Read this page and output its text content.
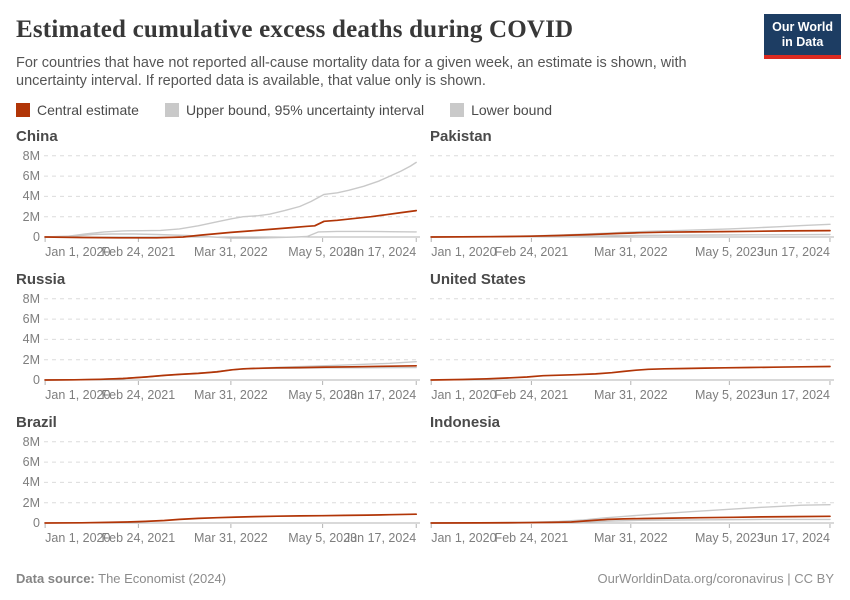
Estimated cumulative excess deaths during COVID	Our World
in Data
For countries that have not reported all-cause mortality data for a given week, an estimate is shown, with uncertainty interval. If reported data is available, that value only is shown.
Central estimate	Upper bound, 95% uncertainty interval	Lower bound
China
8M
6M
4M
2M
0
Jan 1, 2020
Feb 24, 2021 Mar 31, 2022 May 5, 2023
Jun 17, 2024
Pakistan
Jan 1, 2020
Feb 24, 2021 Mar 31, 2022 May 5, 2023
Jun 17, 2024
Russia
8M
6M
4M
2M
0
Jan 1, 2020
Feb 24, 2021 Mar 31, 2022 May 5, 2023
Jun 17, 2024
United States
Jan 1, 2020
Feb 24, 2021 Mar 31, 2022 May 5, 2023
Jun 17, 2024
Brazil
8M
6M
4M
2M
0
Jan 1, 2020
Feb 24, 2021 Mar 31, 2022 May 5, 2023
Jun 17, 2024
Indonesia
Jan 1, 2020
Feb 24, 2021 Mar 31, 2022 May 5, 2023
Jun 17, 2024
Data source: The Economist (2024)	OurWorldinData.org/coronavirus | CC BY
